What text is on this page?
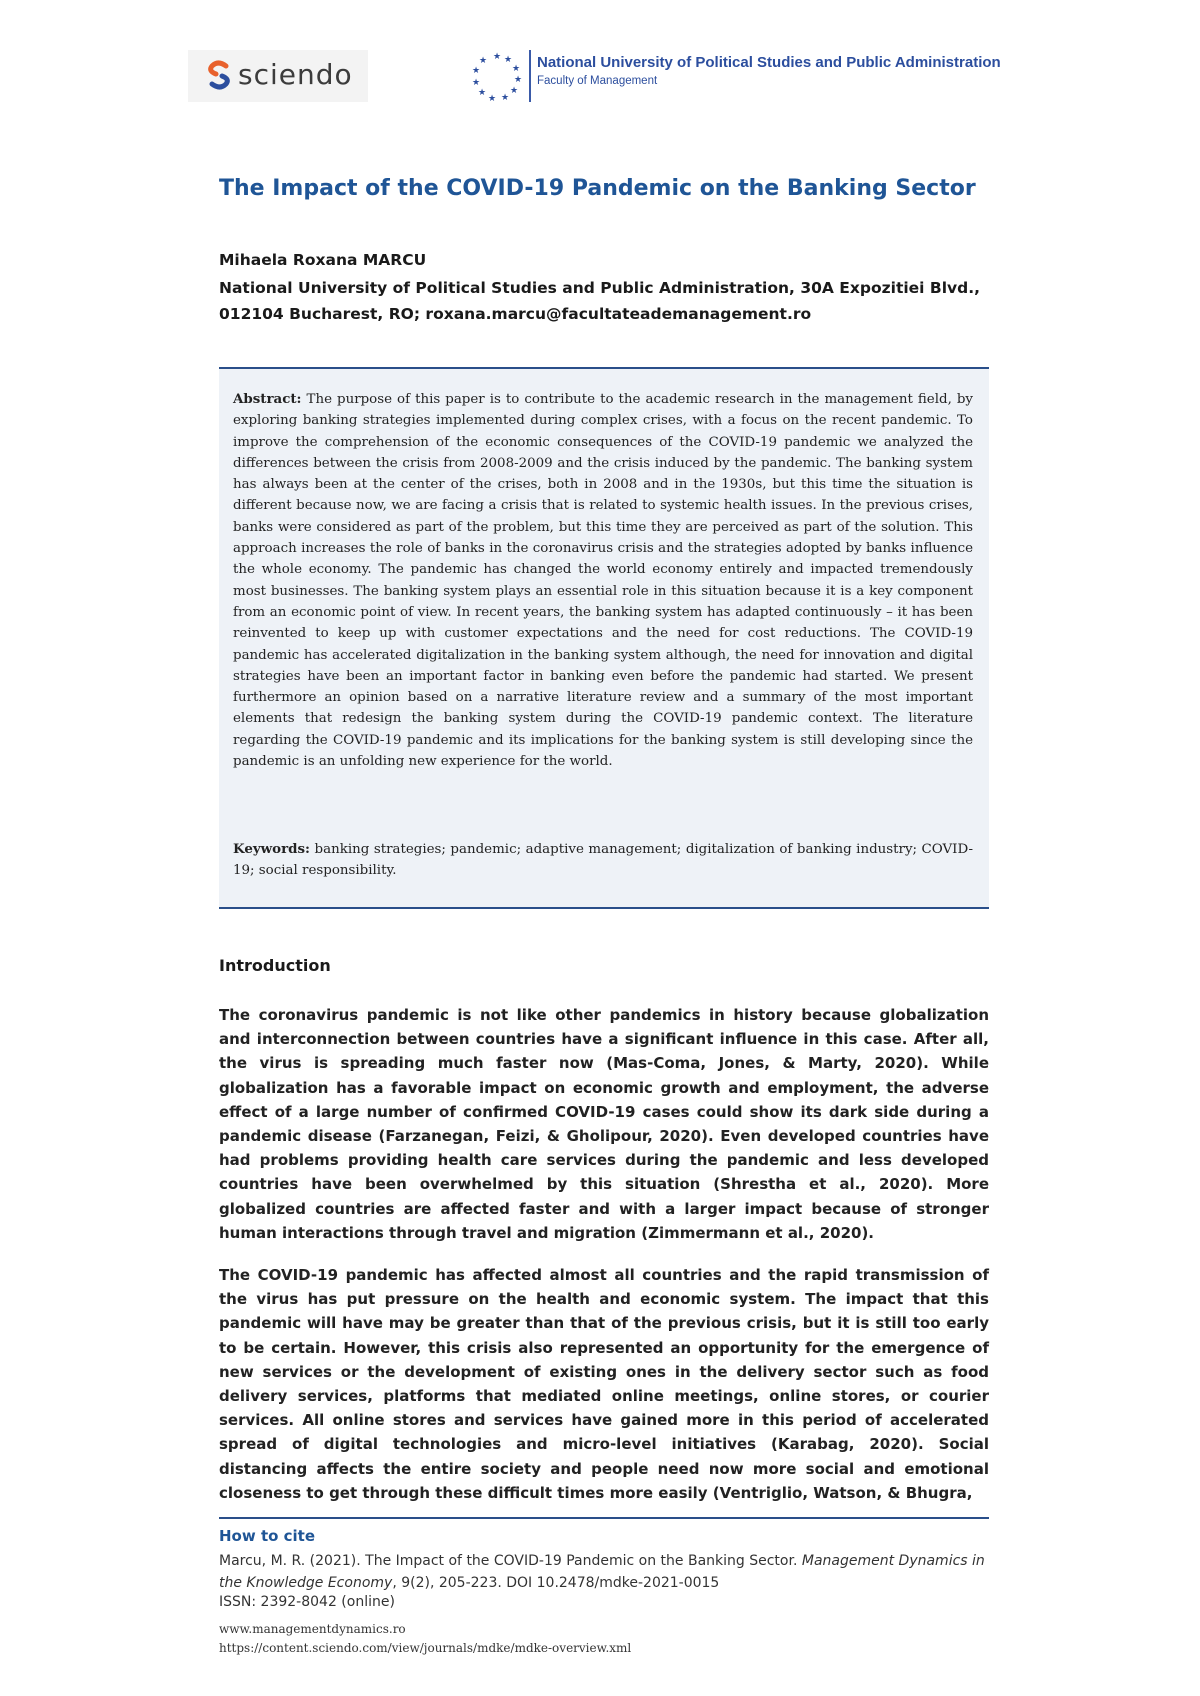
sciendo
★ ★
★
★
★
★
★
★
★
★
★	National University of Political Studies and Public Administration
Faculty of Management
The Impact of the COVID-19 Pandemic on the Banking Sector
Mihaela Roxana MARCU
National University of Political Studies and Public Administration, 30A Expozitiei Blvd., 012104 Bucharest, RO; roxana.marcu@facultateademanagement.ro
Abstract: The purpose of this paper is to contribute to the academic research in the management field, by exploring banking strategies implemented during complex crises, with a focus on the recent pandemic. To improve the comprehension of the economic consequences of the COVID-19 pandemic we analyzed the differences between the crisis from 2008-2009 and the crisis induced by the pandemic. The banking system has always been at the center of the crises, both in 2008 and in the 1930s, but this time the situation is different because now, we are facing a crisis that is related to systemic health issues. In the previous crises, banks were considered as part of the problem, but this time they are perceived as part of the solution. This approach increases the role of banks in the coronavirus crisis and the strategies adopted by banks influence the whole economy. The pandemic has changed the world economy entirely and impacted tremendously most businesses. The banking system plays an essential role in this situation because it is a key component from an economic point of view. In recent years, the banking system has adapted continuously – it has been reinvented to keep up with customer expectations and the need for cost reductions. The COVID-19 pandemic has accelerated digitalization in the banking system although, the need for innovation and digital strategies have been an important factor in banking even before the pandemic had started. We present furthermore an opinion based on a narrative literature review and a summary of the most important elements that redesign the banking system during the COVID-19 pandemic context. The literature regarding the COVID-19 pandemic and its implications for the banking system is still developing since the pandemic is an unfolding new experience for the world.
Keywords: banking strategies; pandemic; adaptive management; digitalization of banking industry; COVID-19; social responsibility.
Introduction
The coronavirus pandemic is not like other pandemics in history because globalization and interconnection between countries have a significant influence in this case. After all, the virus is spreading much faster now (Mas-Coma, Jones, & Marty, 2020). While globalization has a favorable impact on economic growth and employment, the adverse effect of a large number of confirmed COVID-19 cases could show its dark side during a pandemic disease (Farzanegan, Feizi, & Gholipour, 2020). Even developed countries have had problems providing health care services during the pandemic and less developed countries have been overwhelmed by this situation (Shrestha et al., 2020). More globalized countries are affected faster and with a larger impact because of stronger human interactions through travel and migration (Zimmermann et al., 2020).
The COVID-19 pandemic has affected almost all countries and the rapid transmission of the virus has put pressure on the health and economic system. The impact that this pandemic will have may be greater than that of the previous crisis, but it is still too early to be certain. However, this crisis also represented an opportunity for the emergence of new services or the development of existing ones in the delivery sector such as food delivery services, platforms that mediated online meetings, online stores, or courier services. All online stores and services have gained more in this period of accelerated spread of digital technologies and micro-level initiatives (Karabag, 2020). Social distancing affects the entire society and people need now more social and emotional closeness to get through these difficult times more easily (Ventriglio, Watson, & Bhugra,
How to cite
Marcu, M. R. (2021). The Impact of the COVID-19 Pandemic on the Banking Sector. Management Dynamics in the Knowledge Economy, 9(2), 205-223. DOI 10.2478/mdke-2021-0015
ISSN: 2392-8042 (online)
www.managementdynamics.ro
https://content.sciendo.com/view/journals/mdke/mdke-overview.xml
